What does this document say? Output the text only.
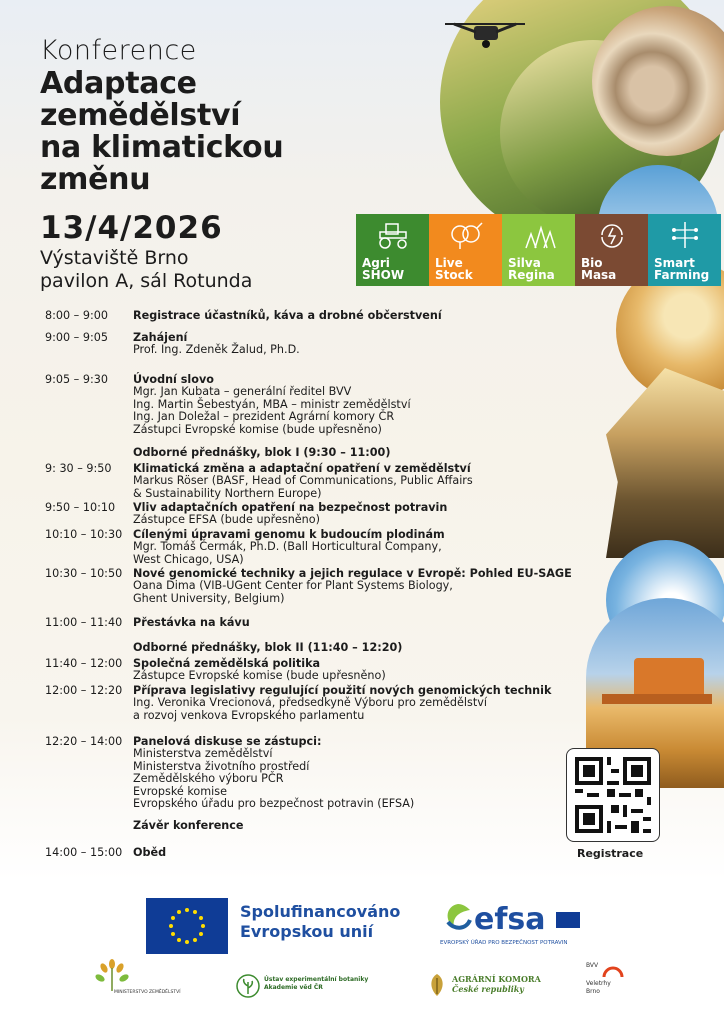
Konference

Adaptace
zemědělství
na klimatickou
změnu

13/4/2026
Výstaviště Brno
pavilon A, sál Rotunda
Agri
SHOW
Live
Stock
Silva
Regina
Bio
Masa
Smart
Farming
8:00 – 9:00	Registrace účastníků, káva a drobné občerstvení
9:00 – 9:05	Zahájení
Prof. Ing. Zdeněk Žalud, Ph.D.
9:05 – 9:30	Úvodní slovo
Mgr. Jan Kubata – generální ředitel BVV
Ing. Martin Šebestyán, MBA – ministr zemědělství
Ing. Jan Doležal – prezident Agrární komory ČR
Zástupci Evropské komise (bude upřesněno)
Odborné přednášky, blok I (9:30 – 11:00)
9: 30 – 9:50	Klimatická změna a adaptační opatření v zemědělství
Markus Röser (BASF, Head of Communications, Public Affairs
& Sustainability Northern Europe)
9:50 – 10:10	Vliv adaptačních opatření na bezpečnost potravin
Zástupce EFSA (bude upřesněno)
10:10 – 10:30 Cílenými úpravami genomu k budoucím plodinám
Mgr. Tomáš Čermák, Ph.D. (Ball Horticultural Company,
West Chicago, USA)
10:30 – 10:50 Nové genomické techniky a jejich regulace v Evropě: Pohled EU-SAGE
Oana Dima (VIB-UGent Center for Plant Systems Biology,
Ghent University, Belgium)
11:00 – 11:40 Přestávka na kávu
Odborné přednášky, blok II (11:40 – 12:20)
11:40 – 12:00 Společná zemědělská politika
Zástupce Evropské komise (bude upřesněno)
12:00 – 12:20 Příprava legislativy regulující použití nových genomických technik
Ing. Veronika Vrecionová, předsedkyně Výboru pro zemědělství
a rozvoj venkova Evropského parlamentu
12:20 – 14:00 Panelová diskuse se zástupci:
Ministerstva zemědělství
Ministerstva životního prostředí
Zemědělského výboru PČR
Evropské komise
Evropského úřadu pro bezpečnost potravin (EFSA)
Závěr konference
14:00 – 15:00 Oběd	Registrace
Spolufinancováno
Evropskou unií	efsa
EVROPSKÝ ÚŘAD PRO BEZPEČNOST POTRAVIN
MINISTERSTVO ZEMĚDĚLSTVÍ
Ústav experimentální botaniky
Akademie věd ČR
AGRÁRNÍ KOMORA
České republiky
BVV
Veletrhy
Brno
